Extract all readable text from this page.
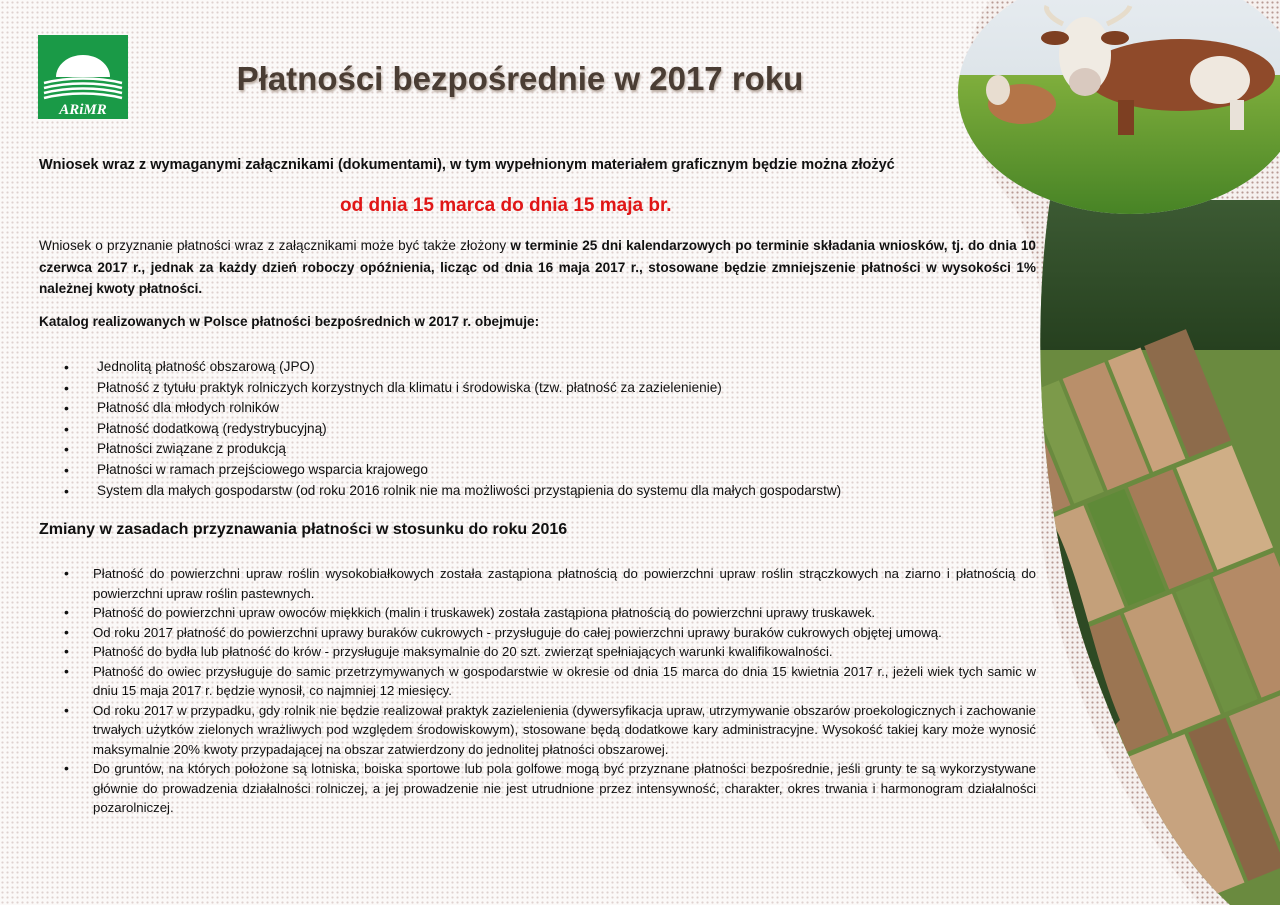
ARiMR
Płatności bezpośrednie w 2017 roku
Wniosek wraz z wymaganymi załącznikami (dokumentami), w tym wypełnionym materiałem graficznym będzie można złożyć
od dnia 15 marca do dnia 15 maja br.
Wniosek o przyznanie płatności wraz z załącznikami może być także złożony w terminie 25 dni kalendarzowych po terminie składania wniosków, tj. do dnia 10 czerwca 2017 r., jednak za każdy dzień roboczy opóźnienia, licząc od dnia 16 maja 2017 r., stosowane będzie zmniejszenie płatności w wysokości 1% należnej kwoty płatności.
Katalog realizowanych w Polsce płatności bezpośrednich w 2017 r. obejmuje:
• Jednolitą płatność obszarową (JPO)
• Płatność z tytułu praktyk rolniczych korzystnych dla klimatu i środowiska (tzw. płatność za zazielenienie)
• Płatność dla młodych rolników
• Płatność dodatkową (redystrybucyjną)
• Płatności związane z produkcją
• Płatności w ramach przejściowego wsparcia krajowego
• System dla małych gospodarstw (od roku 2016 rolnik nie ma możliwości przystąpienia do systemu dla małych gospodarstw)
Zmiany w zasadach przyznawania płatności w stosunku do roku 2016
• Płatność do powierzchni upraw roślin wysokobiałkowych została zastąpiona płatnością do powierzchni upraw roślin strączkowych na ziarno i płatnością do powierzchni upraw roślin pastewnych.
• Płatność do powierzchni upraw owoców miękkich (malin i truskawek) została zastąpiona płatnością do powierzchni uprawy truskawek.
• Od roku 2017 płatność do powierzchni uprawy buraków cukrowych - przysługuje do całej powierzchni uprawy buraków cukrowych objętej umową.
• Płatność do bydła lub płatność do krów - przysługuje maksymalnie do 20 szt. zwierząt spełniających warunki kwalifikowalności.
• Płatność do owiec przysługuje do samic przetrzymywanych w gospodarstwie w okresie od dnia 15 marca do dnia 15 kwietnia 2017 r., jeżeli wiek tych samic w dniu 15 maja 2017 r. będzie wynosił, co najmniej 12 miesięcy.
• Od roku 2017 w przypadku, gdy rolnik nie będzie realizował praktyk zazielenienia (dywersyfikacja upraw, utrzymywanie obszarów proekologicznych i zachowanie trwałych użytków zielonych wrażliwych pod względem środowiskowym), stosowane będą dodatkowe kary administracyjne. Wysokość takiej kary może wynosić maksymalnie 20% kwoty przypadającej na obszar zatwierdzony do jednolitej płatności obszarowej.
• Do gruntów, na których położone są lotniska, boiska sportowe lub pola golfowe mogą być przyznane płatności bezpośrednie, jeśli grunty te są wykorzystywane głównie do prowadzenia działalności rolniczej, a jej prowadzenie nie jest utrudnione przez intensywność, charakter, okres trwania i harmonogram działalności pozarolniczej.
